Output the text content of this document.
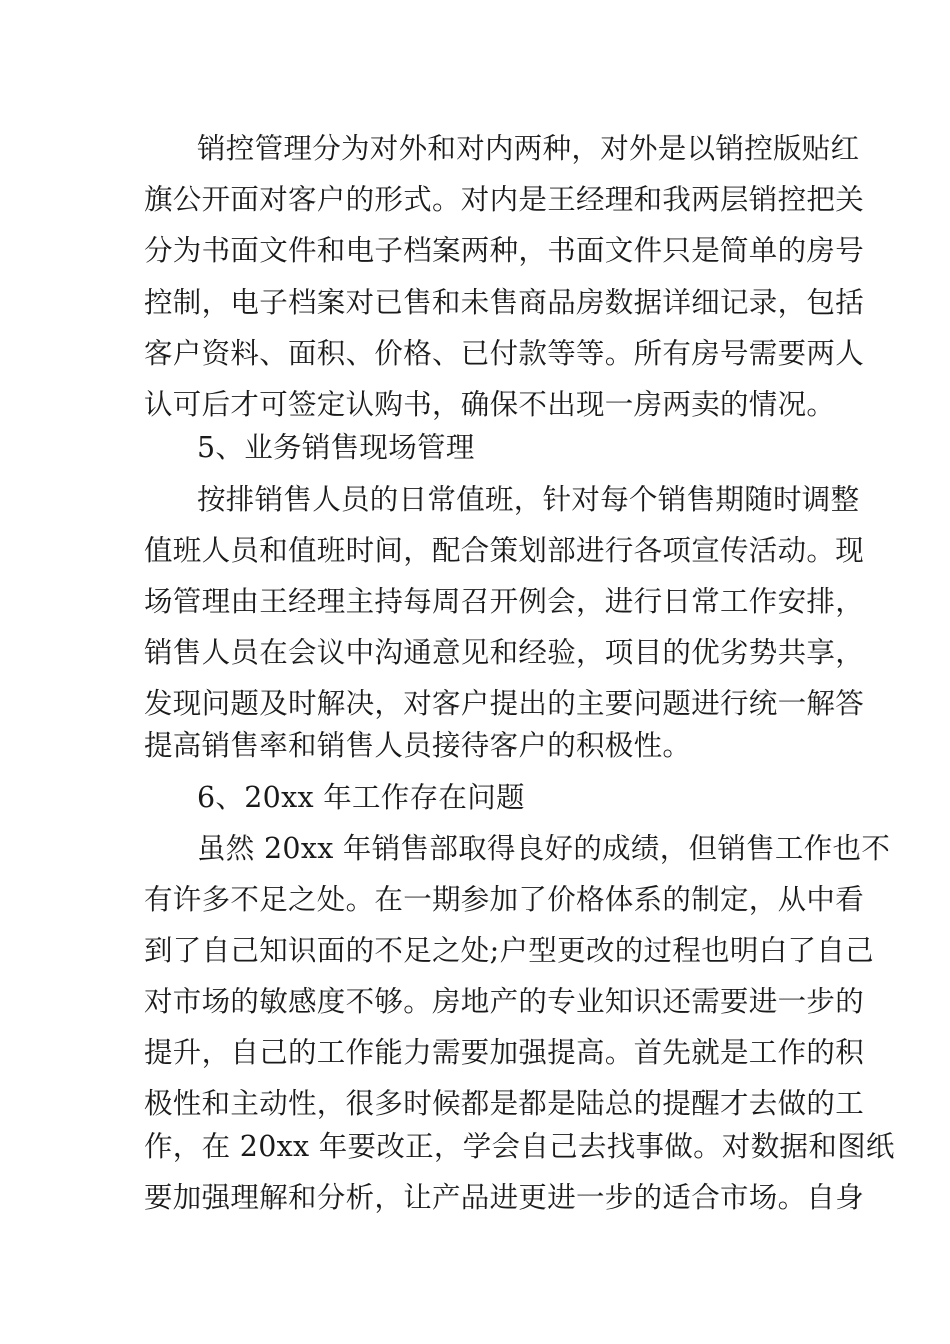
销控管理分为对外和对内两种，对外是以销控版贴红
旗公开面对客户的形式。对内是王经理和我两层销控把关
分为书面文件和电子档案两种，书面文件只是简单的房号
控制，电子档案对已售和未售商品房数据详细记录，包括
客户资料、面积、价格、已付款等等。所有房号需要两人
认可后才可签定认购书，确保不出现一房两卖的情况。
5、业务销售现场管理
按排销售人员的日常值班，针对每个销售期随时调整
值班人员和值班时间，配合策划部进行各项宣传活动。现
场管理由王经理主持每周召开例会，进行日常工作安排，
销售人员在会议中沟通意见和经验，项目的优劣势共享，
发现问题及时解决，对客户提出的主要问题进行统一解答
提高销售率和销售人员接待客户的积极性。
6、20xx 年工作存在问题
虽然 20xx 年销售部取得良好的成绩，但销售工作也不
有许多不足之处。在一期参加了价格体系的制定，从中看
到了自己知识面的不足之处;户型更改的过程也明白了自己
对市场的敏感度不够。房地产的专业知识还需要进一步的
提升，自己的工作能力需要加强提高。首先就是工作的积
极性和主动性，很多时候都是都是陆总的提醒才去做的工
作，在 20xx 年要改正，学会自己去找事做。对数据和图纸
要加强理解和分析，让产品进更进一步的适合市场。自身
